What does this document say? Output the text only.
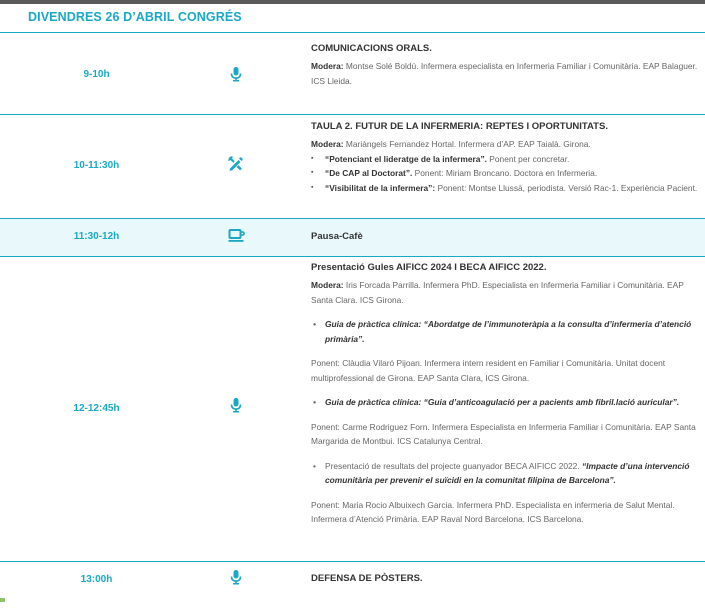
DIVENDRES 26 D’ABRIL CONGRÉS
9-10h
COMUNICACIONS ORALS.
Modera: Montse Solé Boldú. Infermera especialista en Infermeria Familiar i Comunitària. EAP Balaguer. ICS Lleida.
10-11:30h
TAULA 2. FUTUR DE LA INFERMERIA: REPTES I OPORTUNITATS.
Modera: Mariàngels Fernandez Hortal. Infermera d’AP. EAP Taialà. Girona.
▪ “Potenciant el lideratge de la infermera”. Ponent per concretar.
▪ “De CAP al Doctorat”. Ponent: Miriam Broncano. Doctora en Infermeria.
▪ “Visibilitat de la infermera”: Ponent: Montse Llussà, periodista. Versió Rac-1. Experiència Pacient.
11:30-12h	Pausa-Cafè
12-12:45h
Presentació Gules AIFICC 2024 I BECA AIFICC 2022.
Modera: Iris Forcada Parrilla. Infermera PhD. Especialista en Infermeria Familiar i Comunitària. EAP Santa Clara. ICS Girona.
• Guia de pràctica clínica: “Abordatge de l’immunoteràpia a la consulta d’infermeria d’atenció primària”.
Ponent: Clàudia Vilaró Pijoan. Infermera intern resident en Familiar i Comunitària. Unitat docent multiprofessional de Girona. EAP Santa Clara, ICS Girona.
• Guia de pràctica clínica: “Guia d’anticoagulació per a pacients amb fibril.lació auricular”.
Ponent: Carme Rodriguez Forn. Infermera Especialista en Infermeria Familiar i Comunitària. EAP Santa Margarida de Montbui. ICS Catalunya Central.
• Presentació de resultats del projecte guanyador BECA AIFICC 2022. “Impacte d’una intervenció comunitària per prevenir el suïcidi en la comunitat filipina de Barcelona”.
Ponent: Maria Rocio Albuixech Garcia. Infermera PhD. Especialista en infermeria de Salut Mental. Infermera d’Atenció Primària. EAP Raval Nord Barcelona. ICS Barcelona.
13:00h	DEFENSA DE PÒSTERS.
